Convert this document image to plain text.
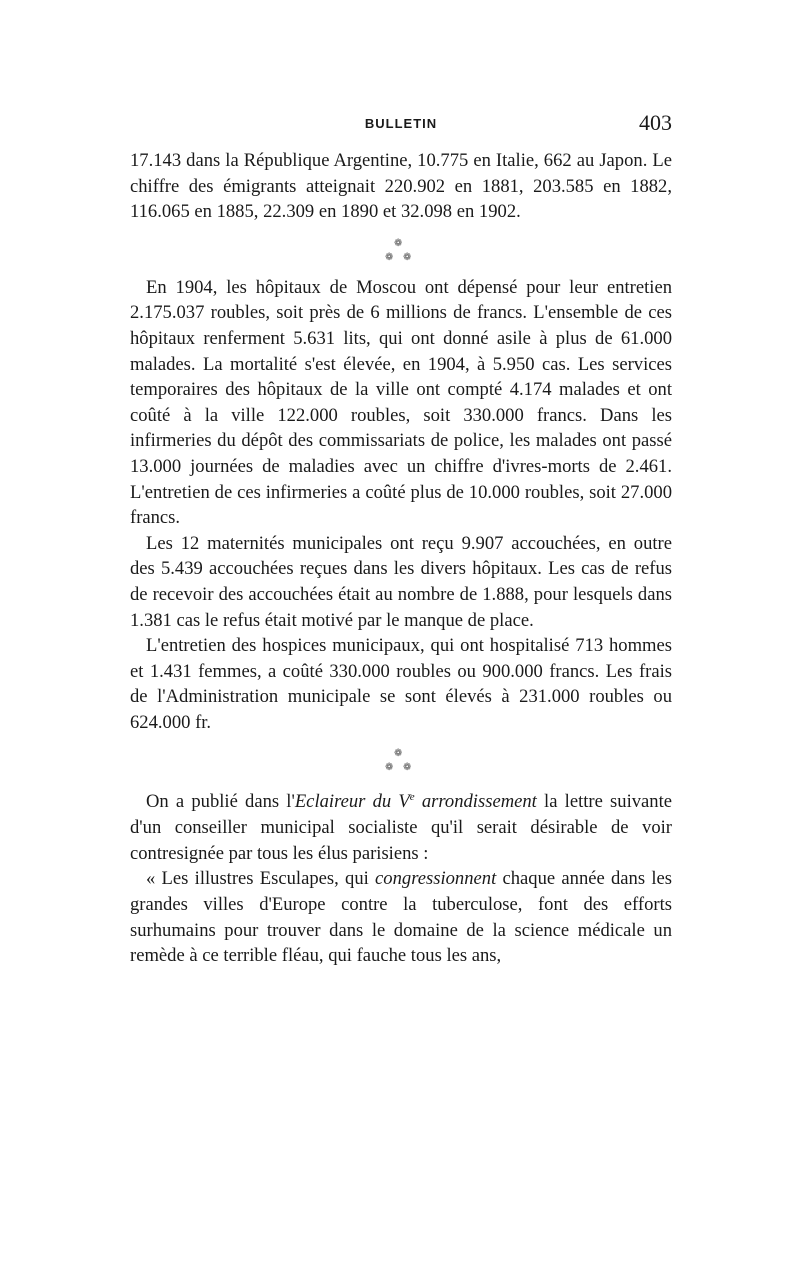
BULLETIN	403

17.143 dans la République Argentine, 10.775 en Italie, 662 au Japon. Le chiffre des émigrants atteignait 220.902 en 1881, 203.585 en 1882, 116.065 en 1885, 22.309 en 1890 et 32.098 en 1902.

❁
❁ ❁

En 1904, les hôpitaux de Moscou ont dépensé pour leur entretien 2.175.037 roubles, soit près de 6 millions de francs. L'ensemble de ces hôpitaux renferment 5.631 lits, qui ont donné asile à plus de 61.000 malades. La mortalité s'est élevée, en 1904, à 5.950 cas. Les services temporaires des hôpitaux de la ville ont compté 4.174 malades et ont coûté à la ville 122.000 roubles, soit 330.000 francs. Dans les infirmeries du dépôt des commissariats de police, les malades ont passé 13.000 journées de maladies avec un chiffre d'ivres-morts de 2.461. L'entretien de ces infirmeries a coûté plus de 10.000 roubles, soit 27.000 francs.

Les 12 maternités municipales ont reçu 9.907 accouchées, en outre des 5.439 accouchées reçues dans les divers hôpitaux. Les cas de refus de recevoir des accouchées était au nombre de 1.888, pour lesquels dans 1.381 cas le refus était motivé par le manque de place.

L'entretien des hospices municipaux, qui ont hospitalisé 713 hommes et 1.431 femmes, a coûté 330.000 roubles ou 900.000 francs. Les frais de l'Administration municipale se sont élevés à 231.000 roubles ou 624.000 fr.

❁
❁ ❁

On a publié dans l'Eclaireur du Ve arrondissement la lettre suivante d'un conseiller municipal socialiste qu'il serait désirable de voir contresignée par tous les élus parisiens :

« Les illustres Esculapes, qui congressionnent chaque année dans les grandes villes d'Europe contre la tuberculose, font des efforts surhumains pour trouver dans le domaine de la science médicale un remède à ce terrible fléau, qui fauche tous les ans,
